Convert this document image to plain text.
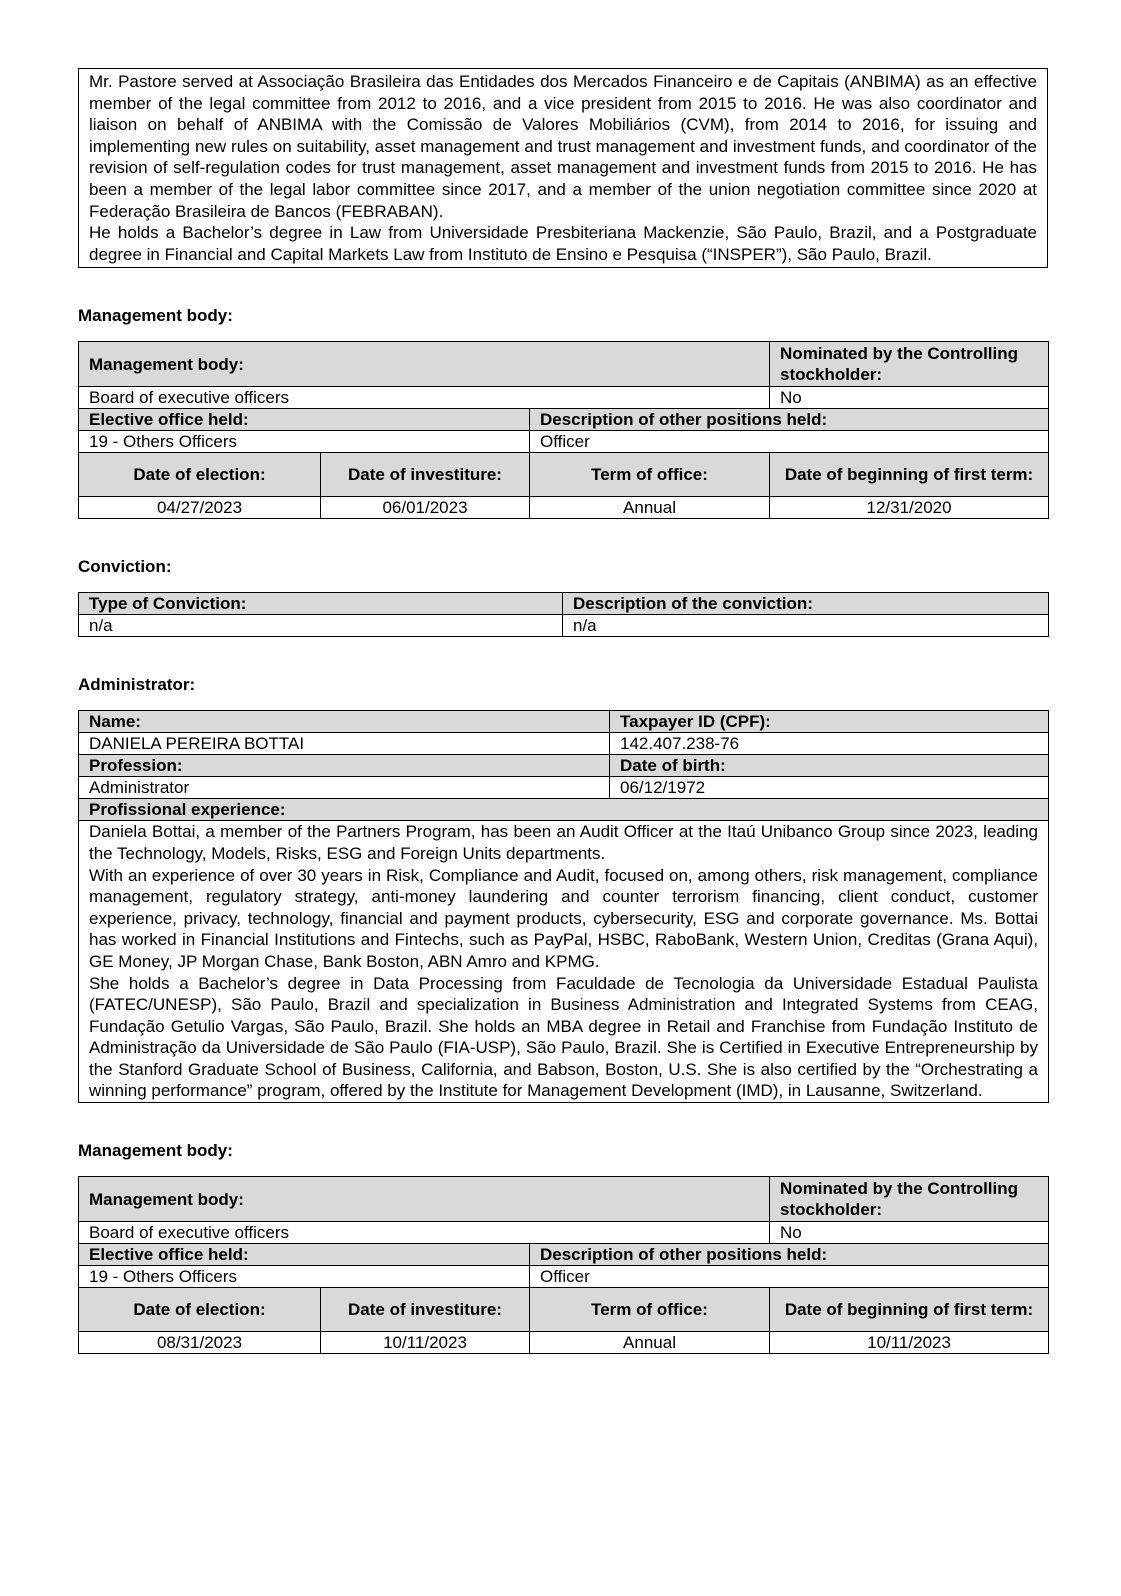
Mr. Pastore served at Associação Brasileira das Entidades dos Mercados Financeiro e de Capitais (ANBIMA) as an effective member of the legal committee from 2012 to 2016, and a vice president from 2015 to 2016. He was also coordinator and liaison on behalf of ANBIMA with the Comissão de Valores Mobiliários (CVM), from 2014 to 2016, for issuing and implementing new rules on suitability, asset management and trust management and investment funds, and coordinator of the revision of self-regulation codes for trust management, asset management and investment funds from 2015 to 2016. He has been a member of the legal labor committee since 2017, and a member of the union negotiation committee since 2020 at Federação Brasileira de Bancos (FEBRABAN).

He holds a Bachelor’s degree in Law from Universidade Presbiteriana Mackenzie, São Paulo, Brazil, and a Postgraduate degree in Financial and Capital Markets Law from Instituto de Ensino e Pesquisa (“INSPER”), São Paulo, Brazil.

Management body:

Management body:			Nominated by the Controlling stockholder:
Board of executive officers			No
Elective office held:		Description of other positions held:	
19 - Others Officers		Officer	
Date of election:	Date of investiture:	Term of office:	Date of beginning of first term:
04/27/2023	06/01/2023	Annual	12/31/2020

Conviction:

Type of Conviction:	Description of the conviction:
n/a	n/a

Administrator:

Name:	Taxpayer ID (CPF):
DANIELA PEREIRA BOTTAI	142.407.238-76
Profession:	Date of birth:
Administrator	06/12/1972
Profissional experience:	

Daniela Bottai, a member of the Partners Program, has been an Audit Officer at the Itaú Unibanco Group since 2023, leading the Technology, Models, Risks, ESG and Foreign Units departments.

With an experience of over 30 years in Risk, Compliance and Audit, focused on, among others, risk management, compliance management, regulatory strategy, anti-money laundering and counter terrorism financing, client conduct, customer experience, privacy, technology, financial and payment products, cybersecurity, ESG and corporate governance. Ms. Bottai has worked in Financial Institutions and Fintechs, such as PayPal, HSBC, RaboBank, Western Union, Creditas (Grana Aqui), GE Money, JP Morgan Chase, Bank Boston, ABN Amro and KPMG.

She holds a Bachelor’s degree in Data Processing from Faculdade de Tecnologia da Universidade Estadual Paulista (FATEC/UNESP), São Paulo, Brazil and specialization in Business Administration and Integrated Systems from CEAG, Fundação Getulio Vargas, São Paulo, Brazil. She holds an MBA degree in Retail and Franchise from Fundação Instituto de Administração da Universidade de São Paulo (FIA-USP), São Paulo, Brazil. She is Certified in Executive Entrepreneurship by the Stanford Graduate School of Business, California, and Babson, Boston, U.S. She is also certified by the “Orchestrating a winning performance” program, offered by the Institute for Management Development (IMD), in Lausanne, Switzerland.	

Management body:

Management body:			Nominated by the Controlling stockholder:
Board of executive officers			No
Elective office held:		Description of other positions held:	
19 - Others Officers		Officer	
Date of election:	Date of investiture:	Term of office:	Date of beginning of first term:
08/31/2023	10/11/2023	Annual	10/11/2023
